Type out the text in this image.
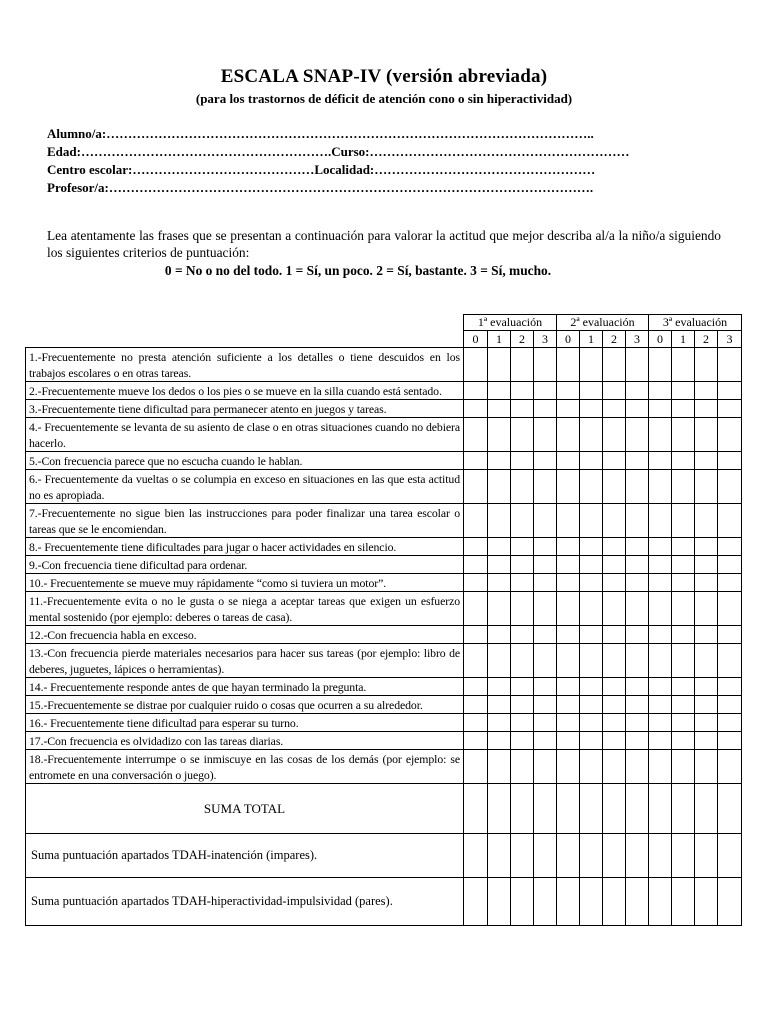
ESCALA SNAP-IV (versión abreviada)
(para los trastornos de déficit de atención cono o sin hiperactividad)
Alumno/a:…………………………………………………………………………………………………..
Edad:………………………………………………….Curso:……………………………………………………
Centro escolar:……………………………………Localidad:……………………………………………
Profesor/a:………………………………………………………………………………………………….
Lea atentamente las frases que se presentan a continuación para valorar la actitud que mejor describa al/a la niño/a siguiendo los siguientes criterios de puntuación:
0 = No o no del todo. 1 = Sí, un poco. 2 = Sí, bastante. 3 = Sí, mucho.
	1ª evaluación				2ª evaluación				3ª evaluación			
	0	1	2	3	0	1	2	3	0	1	2	3
1.-Frecuentemente no presta atención suficiente a los detalles o tiene descuidos en los trabajos escolares o en otras tareas.												
2.-Frecuentemente mueve los dedos o los pies o se mueve en la silla cuando está sentado.												
3.-Frecuentemente tiene dificultad para permanecer atento en juegos y tareas.												
4.- Frecuentemente se levanta de su asiento de clase o en otras situaciones cuando no debiera hacerlo.												
5.-Con frecuencia parece que no escucha cuando le hablan.												
6.- Frecuentemente da vueltas o se columpia en exceso en situaciones en las que esta actitud no es apropiada.												
7.-Frecuentemente no sigue bien las instrucciones para poder finalizar una tarea escolar o tareas que se le encomiendan.												
8.- Frecuentemente tiene dificultades para jugar o hacer actividades en silencio.												
9.-Con frecuencia tiene dificultad para ordenar.												
10.- Frecuentemente se mueve muy rápidamente “como si tuviera un motor”.												
11.-Frecuentemente evita o no le gusta o se niega a aceptar tareas que exigen un esfuerzo mental sostenido (por ejemplo: deberes o tareas de casa).												
12.-Con frecuencia habla en exceso.												
13.-Con frecuencia pierde materiales necesarios para hacer sus tareas (por ejemplo: libro de deberes, juguetes, lápices o herramientas).												
14.- Frecuentemente responde antes de que hayan terminado la pregunta.												
15.-Frecuentemente se distrae por cualquier ruido o cosas que ocurren a su alrededor.												
16.- Frecuentemente tiene dificultad para esperar su turno.												
17.-Con frecuencia es olvidadizo con las tareas diarias.												
18.-Frecuentemente interrumpe o se inmiscuye en las cosas de los demás (por ejemplo: se entromete en una conversación o juego).												
SUMA TOTAL												
Suma puntuación apartados TDAH-inatención (impares).												
Suma puntuación apartados TDAH-hiperactividad-impulsividad (pares).												
